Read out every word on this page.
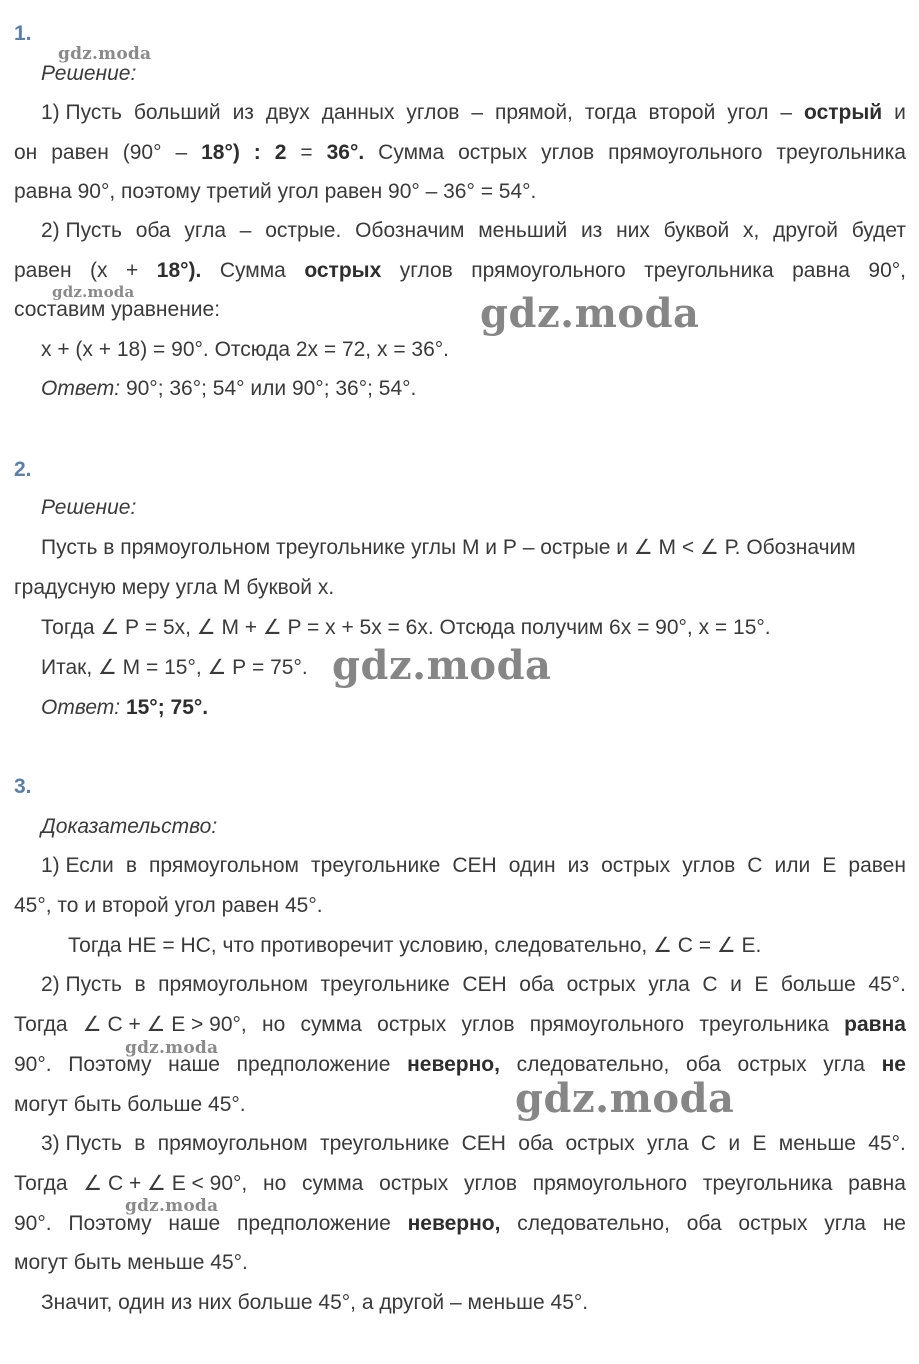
1.
gdz.moda
Решение:
1) Пусть больший из двух данных углов – прямой, тогда второй угол – острый и
он равен (90° – 18°) : 2 = 36°. Сумма острых углов прямоугольного треугольника
равна 90°, поэтому третий угол равен 90° – 36° = 54°.
2) Пусть оба угла – острые. Обозначим меньший из них буквой х, другой будет
равен (x + 18°). Сумма острых углов прямоугольного треугольника равна 90°,
gdz.moda
составим уравнение:
x + (x + 18) = 90°. Отсюда 2x = 72, x = 36°.
gdz.moda
Ответ: 90°; 36°; 54° или 90°; 36°; 54°.
2.
Решение:
Пусть в прямоугольном треугольнике углы М и Р – острые и ∠ М < ∠ Р. Обозначим
градусную меру угла М буквой х.
Тогда ∠ Р = 5x, ∠ M + ∠ P = x + 5x = 6x. Отсюда получим 6x = 90°, x = 15°.
Итак, ∠ М = 15°, ∠ Р = 75°. gdz.moda
Ответ: 15°; 75°.
3.
Доказательство:
1) Если в прямоугольном треугольнике СЕН один из острых углов С или Е равен
45°, то и второй угол равен 45°.
Тогда НЕ = НС, что противоречит условию, следовательно, ∠ С = ∠ Е.
2) Пусть в прямоугольном треугольнике СЕН оба острых угла С и Е больше 45°.
Тогда ∠ С + ∠ Е > 90°, но сумма острых углов прямоугольного треугольника равна
gdz.moda
90°. Поэтому наше предположение неверно, следовательно, оба острых угла не
могут быть больше 45°.	gdz.moda
3) Пусть в прямоугольном треугольнике СЕН оба острых угла С и Е меньше 45°.
Тогда ∠ С + ∠ Е < 90°, но сумма острых углов прямоугольного треугольника равна
gdz.moda
90°. Поэтому наше предположение неверно, следовательно, оба острых угла не
могут быть меньше 45°.
Значит, один из них больше 45°, а другой – меньше 45°.
